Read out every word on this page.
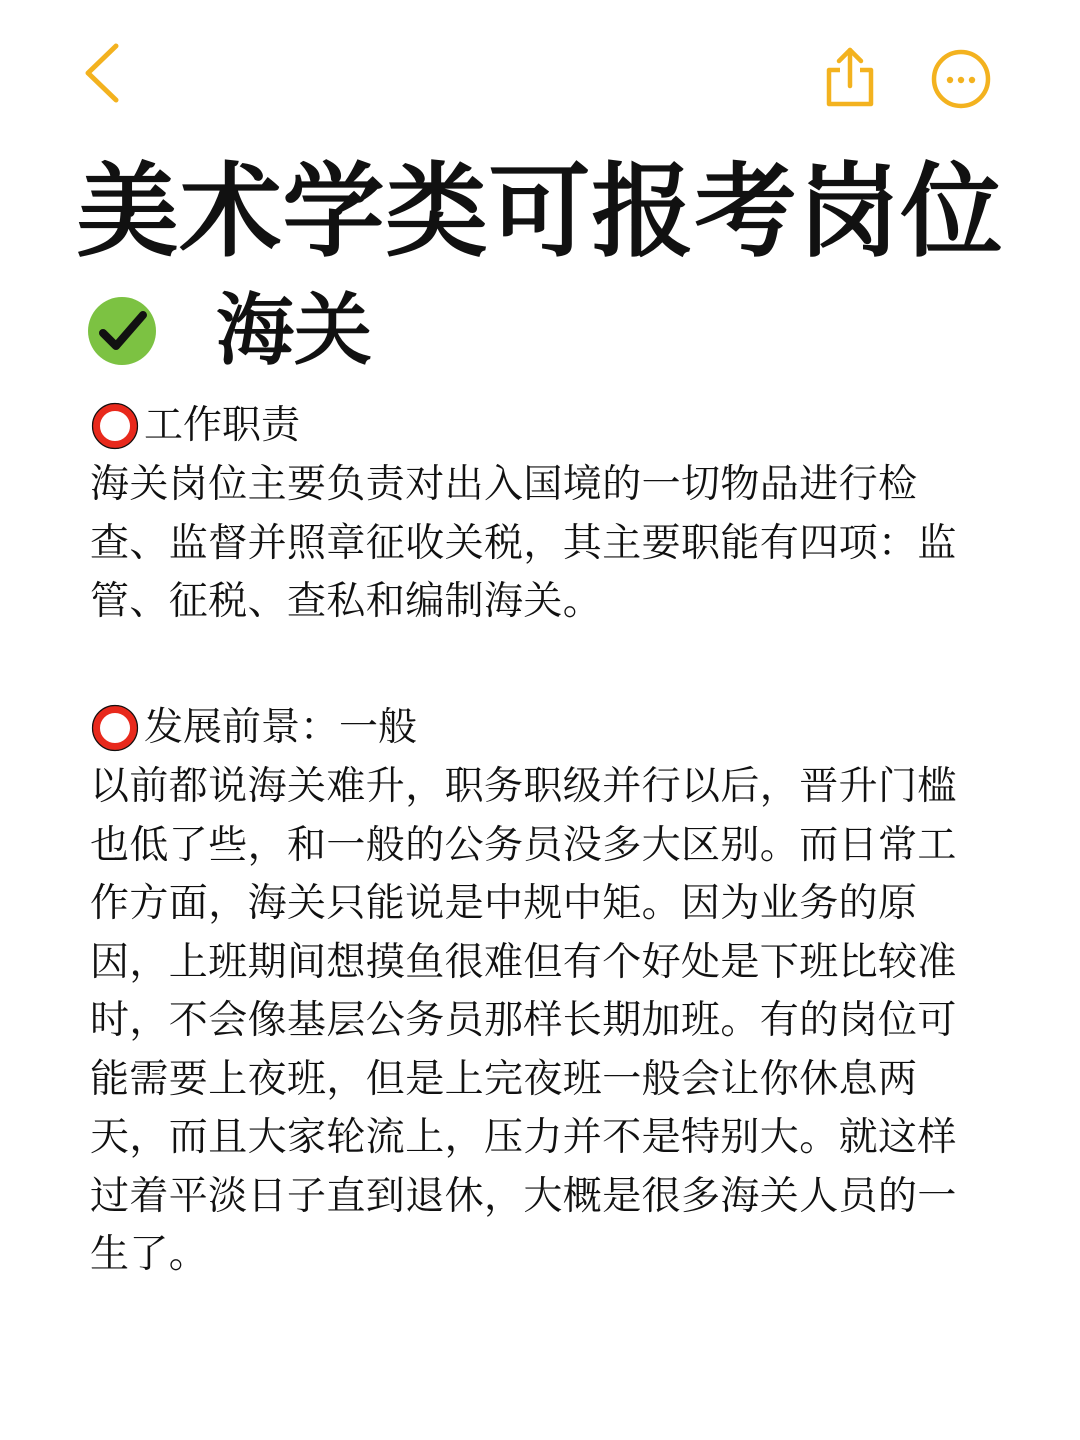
美术学类可报考岗位
海关
工作职责

海关岗位主要负责对出入国境的一切物品进行检查、监督并照章征收关税，其主要职能有四项：监管、征税、查私和编制海关。

发展前景：一般

以前都说海关难升，职务职级并行以后，晋升门槛也低了些，和一般的公务员没多大区别。而日常工作方面，海关只能说是中规中矩。因为业务的原因，上班期间想摸鱼很难但有个好处是下班比较准时，不会像基层公务员那样长期加班。有的岗位可能需要上夜班，但是上完夜班一般会让你休息两天，而且大家轮流上，压力并不是特别大。就这样过着平淡日子直到退休，大概是很多海关人员的一生了。
